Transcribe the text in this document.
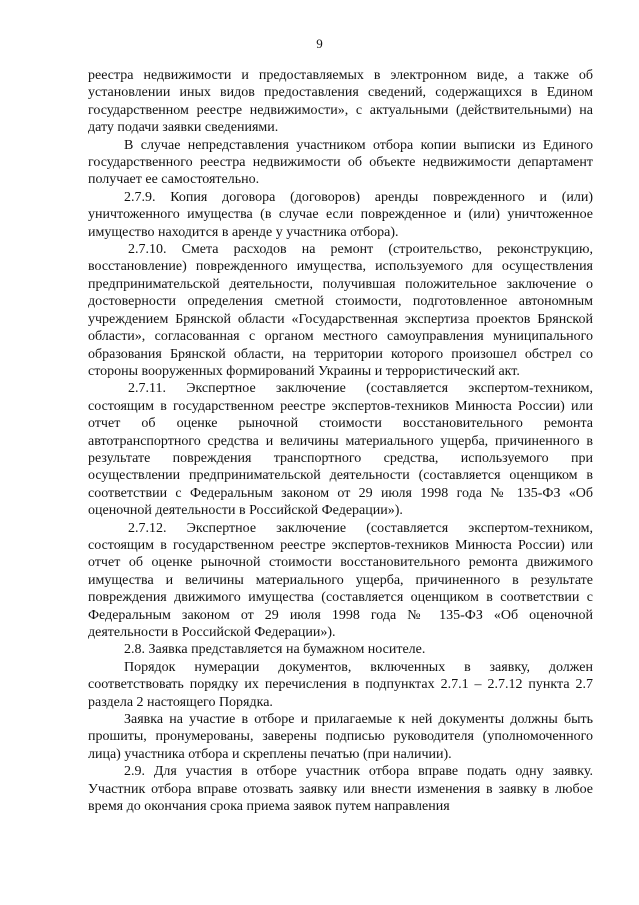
9

реестра недвижимости и предоставляемых в электронном виде, а также об установлении иных видов предоставления сведений, содержащихся в Едином государственном реестре недвижимости», с актуальными (действительными) на дату подачи заявки сведениями.

В случае непредставления участником отбора копии выписки из Единого государственного реестра недвижимости об объекте недвижимости департамент получает ее самостоятельно.

2.7.9. Копия договора (договоров) аренды поврежденного и (или) уничтоженного имущества (в случае если поврежденное и (или) уничтоженное имущество находится в аренде у участника отбора).

2.7.10. Смета расходов на ремонт (строительство, реконструкцию, восстановление) поврежденного имущества, используемого для осуществления предпринимательской деятельности, получившая положительное заключение о достоверности определения сметной стоимости, подготовленное автономным учреждением Брянской области «Государственная экспертиза проектов Брянской области», согласованная с органом местного самоуправления муниципального образования Брянской области, на территории которого произошел обстрел со стороны вооруженных формирований Украины и террористический акт.

2.7.11. Экспертное заключение (составляется экспертом-техником, состоящим в государственном реестре экспертов-техников Минюста России) или отчет об оценке рыночной стоимости восстановительного ремонта автотранспортного средства и величины материального ущерба, причиненного в результате повреждения транспортного средства, используемого при осуществлении предпринимательской деятельности (составляется оценщиком в соответствии с Федеральным законом от 29 июля 1998 года № 135-ФЗ «Об оценочной деятельности в Российской Федерации»).

2.7.12. Экспертное заключение (составляется экспертом-техником, состоящим в государственном реестре экспертов-техников Минюста России) или отчет об оценке рыночной стоимости восстановительного ремонта движимого имущества и величины материального ущерба, причиненного в результате повреждения движимого имущества (составляется оценщиком в соответствии с Федеральным законом от 29 июля 1998 года № 135-ФЗ «Об оценочной деятельности в Российской Федерации»).

2.8. Заявка представляется на бумажном носителе.

Порядок нумерации документов, включенных в заявку, должен соответствовать порядку их перечисления в подпунктах 2.7.1 – 2.7.12 пункта 2.7 раздела 2 настоящего Порядка.

Заявка на участие в отборе и прилагаемые к ней документы должны быть прошиты, пронумерованы, заверены подписью руководителя (уполномоченного лица) участника отбора и скреплены печатью (при наличии).

2.9. Для участия в отборе участник отбора вправе подать одну заявку. Участник отбора вправе отозвать заявку или внести изменения в заявку в любое время до окончания срока приема заявок путем направления
